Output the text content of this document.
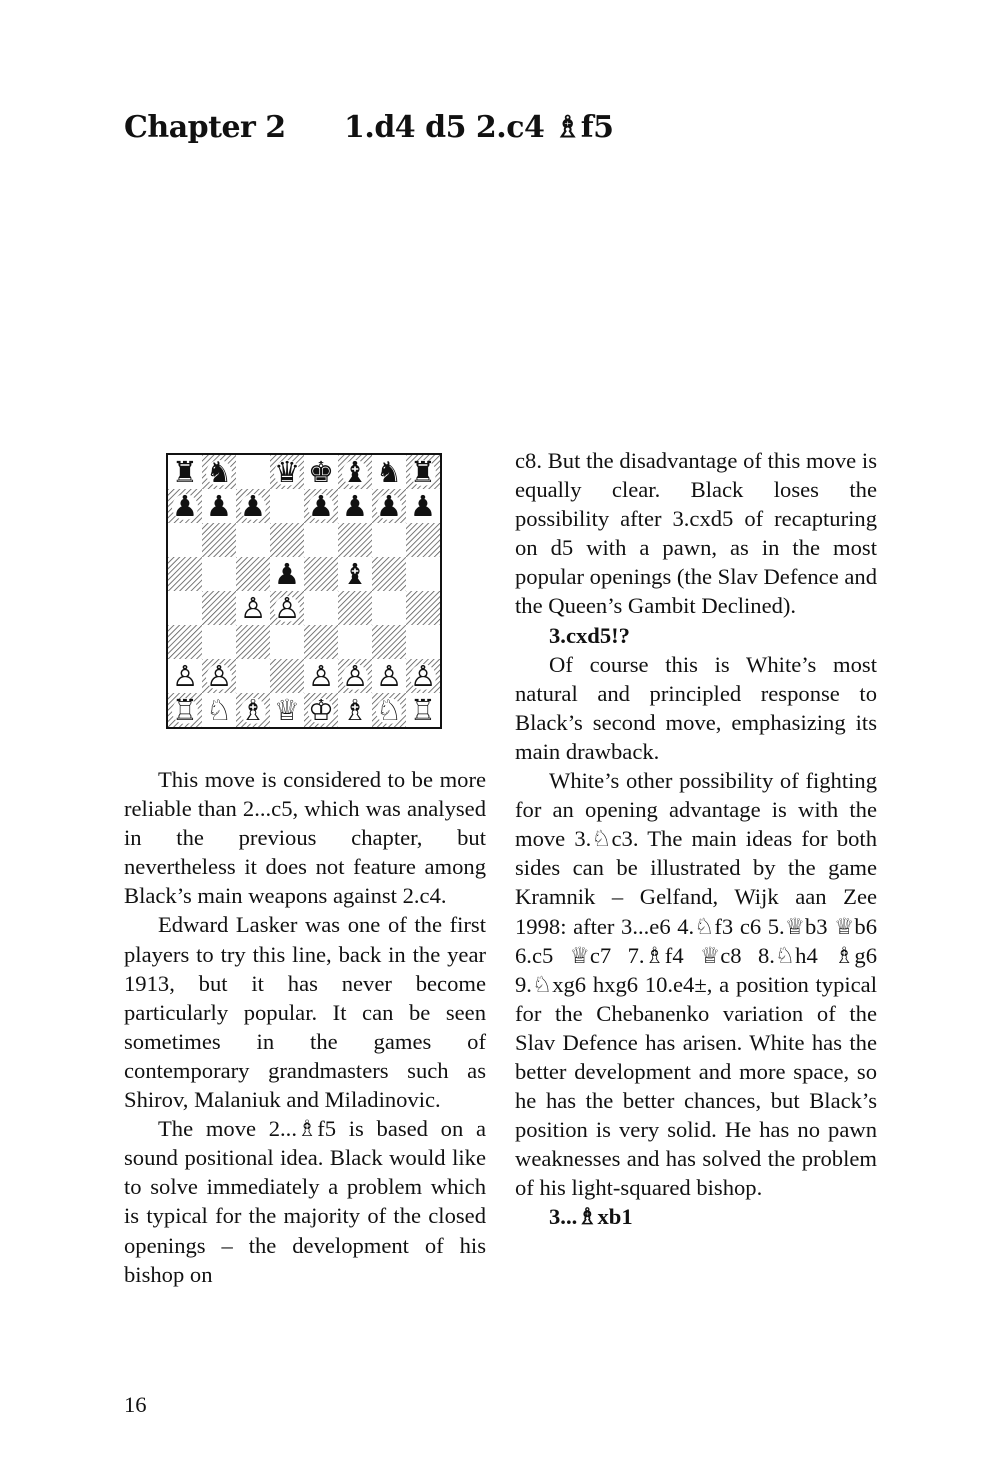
Chapter 2 1.d4 d5 2.c4 ♗f5
♜ ♞ ♛ ♚ ♝ ♞ ♜
♟ ♟ ♟ ♟ ♟ ♟ ♟
♟ ♝
♙ ♙
♙ ♙	♙ ♙ ♙ ♙
♖ ♘ ♗ ♕ ♔ ♗ ♘ ♖

This move is considered to be more reliable than 2...c5, which was analysed in the previous chapter, but nevertheless it does not feature among Black’s main weapons against 2.c4.

Edward Lasker was one of the first players to try this line, back in the year 1913, but it has never become particularly popular. It can be seen sometimes in the games of contemporary grandmasters such as Shirov, Malaniuk and Miladinovic.

The move 2...♗f5 is based on a sound positional idea. Black would like to solve immediately a problem which is typical for the majority of the closed openings – the development of his bishop on

c8. But the disadvantage of this move is equally clear. Black loses the possibility after 3.cxd5 of recapturing on d5 with a pawn, as in the most popular openings (the Slav Defence and the Queen’s Gambit Declined).

3.cxd5!?

Of course this is White’s most natural and principled response to Black’s second move, emphasizing its main drawback.

White’s other possibility of fighting for an opening advantage is with the move 3.♘c3. The main ideas for both sides can be illustrated by the game Kramnik – Gelfand, Wijk aan Zee 1998: after 3...e6 4.♘f3 c6 5.♕b3 ♕b6 6.c5 ♕c7 7.♗f4 ♕c8 8.♘h4 ♗g6 9.♘xg6 hxg6 10.e4±, a position typical for the Chebanenko variation of the Slav Defence has arisen. White has the better development and more space, so he has the better chances, but Black’s position is very solid. He has no pawn weaknesses and has solved the problem of his light-squared bishop.

3...♗xb1

16
